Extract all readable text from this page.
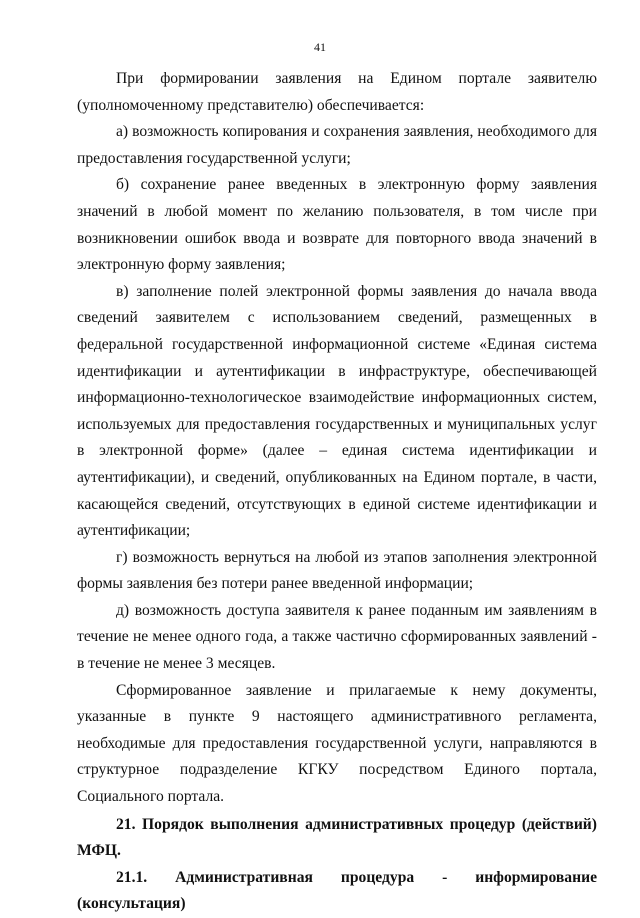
41

При формировании заявления на Едином портале заявителю (уполномоченному представителю) обеспечивается:

а) возможность копирования и сохранения заявления, необходимого для предоставления государственной услуги;

б) сохранение ранее введенных в электронную форму заявления значений в любой момент по желанию пользователя, в том числе при возникновении ошибок ввода и возврате для повторного ввода значений в электронную форму заявления;

в) заполнение полей электронной формы заявления до начала ввода сведений заявителем с использованием сведений, размещенных в федеральной государственной информационной системе «Единая система идентификации и аутентификации в инфраструктуре, обеспечивающей информационно-технологическое взаимодействие информационных систем, используемых для предоставления государственных и муниципальных услуг в электронной форме» (далее – единая система идентификации и аутентификации), и сведений, опубликованных на Едином портале, в части, касающейся сведений, отсутствующих в единой системе идентификации и аутентификации;

г) возможность вернуться на любой из этапов заполнения электронной формы заявления без потери ранее введенной информации;

д) возможность доступа заявителя к ранее поданным им заявлениям в течение не менее одного года, а также частично сформированных заявлений - в течение не менее 3 месяцев.

Сформированное заявление и прилагаемые к нему документы, указанные в пункте 9 настоящего административного регламента, необходимые для предоставления государственной услуги, направляются в структурное подразделение КГКУ посредством Единого портала, Социального портала.

21. Порядок выполнения административных процедур (действий) МФЦ.

21.1. Административная процедура - информирование (консультация)
